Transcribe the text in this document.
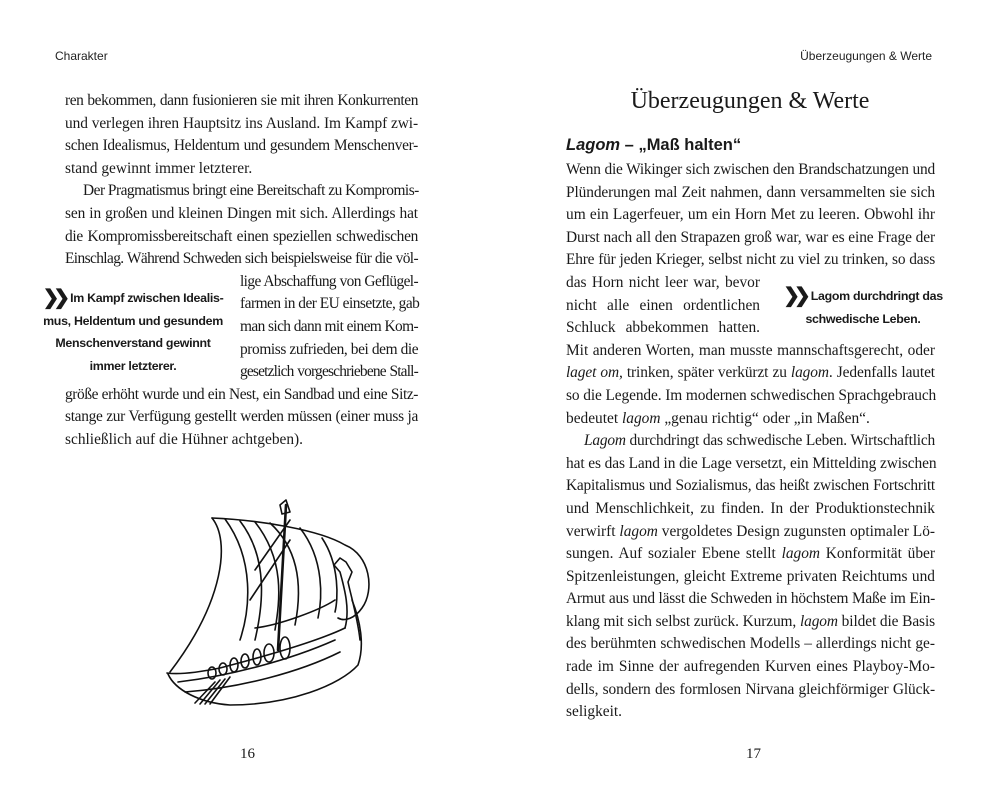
Charakter
ren bekommen, dann fusionieren sie mit ihren Konkurrenten
und verlegen ihren Hauptsitz ins Ausland. Im Kampf zwi-
schen Idealismus, Heldentum und gesundem Menschenver-
stand gewinnt immer letzterer.
Der Pragmatismus bringt eine Bereitschaft zu Kompromis-
sen in großen und kleinen Dingen mit sich. Allerdings hat
die Kompromissbereitschaft einen speziellen schwedischen
Einschlag. Während Schweden sich beispielsweise für die völ-
lige Abschaffung von Geflügel-
farmen in der EU einsetzte, gab
man sich dann mit einem Kom-
promiss zufrieden, bei dem die
gesetzlich vorgeschriebene Stall-
größe erhöht wurde und ein Nest, ein Sandbad und eine Sitz-
stange zur Verfügung gestellt werden müssen (einer muss ja
schließlich auf die Hühner achtgeben).
❯❯ Im Kampf zwischen Idealis-
mus, Heldentum und gesundem
Menschenverstand gewinnt
immer letzterer.
16
Überzeugungen & Werte
Überzeugungen & Werte
Lagom – „Maß halten“
Wenn die Wikinger sich zwischen den Brandschatzungen und
Plünderungen mal Zeit nahmen, dann versammelten sie sich
um ein Lagerfeuer, um ein Horn Met zu leeren. Obwohl ihr
Durst nach all den Strapazen groß war, war es eine Frage der
Ehre für jeden Krieger, selbst nicht zu viel zu trinken, so dass
das Horn nicht leer war, bevor
nicht alle einen ordentlichen
Schluck abbekommen hatten.
Mit anderen Worten, man musste mannschaftsgerecht, oder
laget om, trinken, später verkürzt zu lagom. Jedenfalls lautet
so die Legende. Im modernen schwedischen Sprachgebrauch
bedeutet lagom „genau richtig“ oder „in Maßen“.
Lagom durchdringt das schwedische Leben. Wirtschaftlich
hat es das Land in die Lage versetzt, ein Mittelding zwischen
Kapitalismus und Sozialismus, das heißt zwischen Fortschritt
und Menschlichkeit, zu finden. In der Produktionstechnik
verwirft lagom vergoldetes Design zugunsten optimaler Lö-
sungen. Auf sozialer Ebene stellt lagom Konformität über
Spitzenleistungen, gleicht Extreme privaten Reichtums und
Armut aus und lässt die Schweden in höchstem Maße im Ein-
klang mit sich selbst zurück. Kurzum, lagom bildet die Basis
des berühmten schwedischen Modells – allerdings nicht ge-
rade im Sinne der aufregenden Kurven eines Playboy-Mo-
dells, sondern des formlosen Nirvana gleichförmiger Glück-
seligkeit.
❯❯ Lagom durchdringt das
schwedische Leben.
17
